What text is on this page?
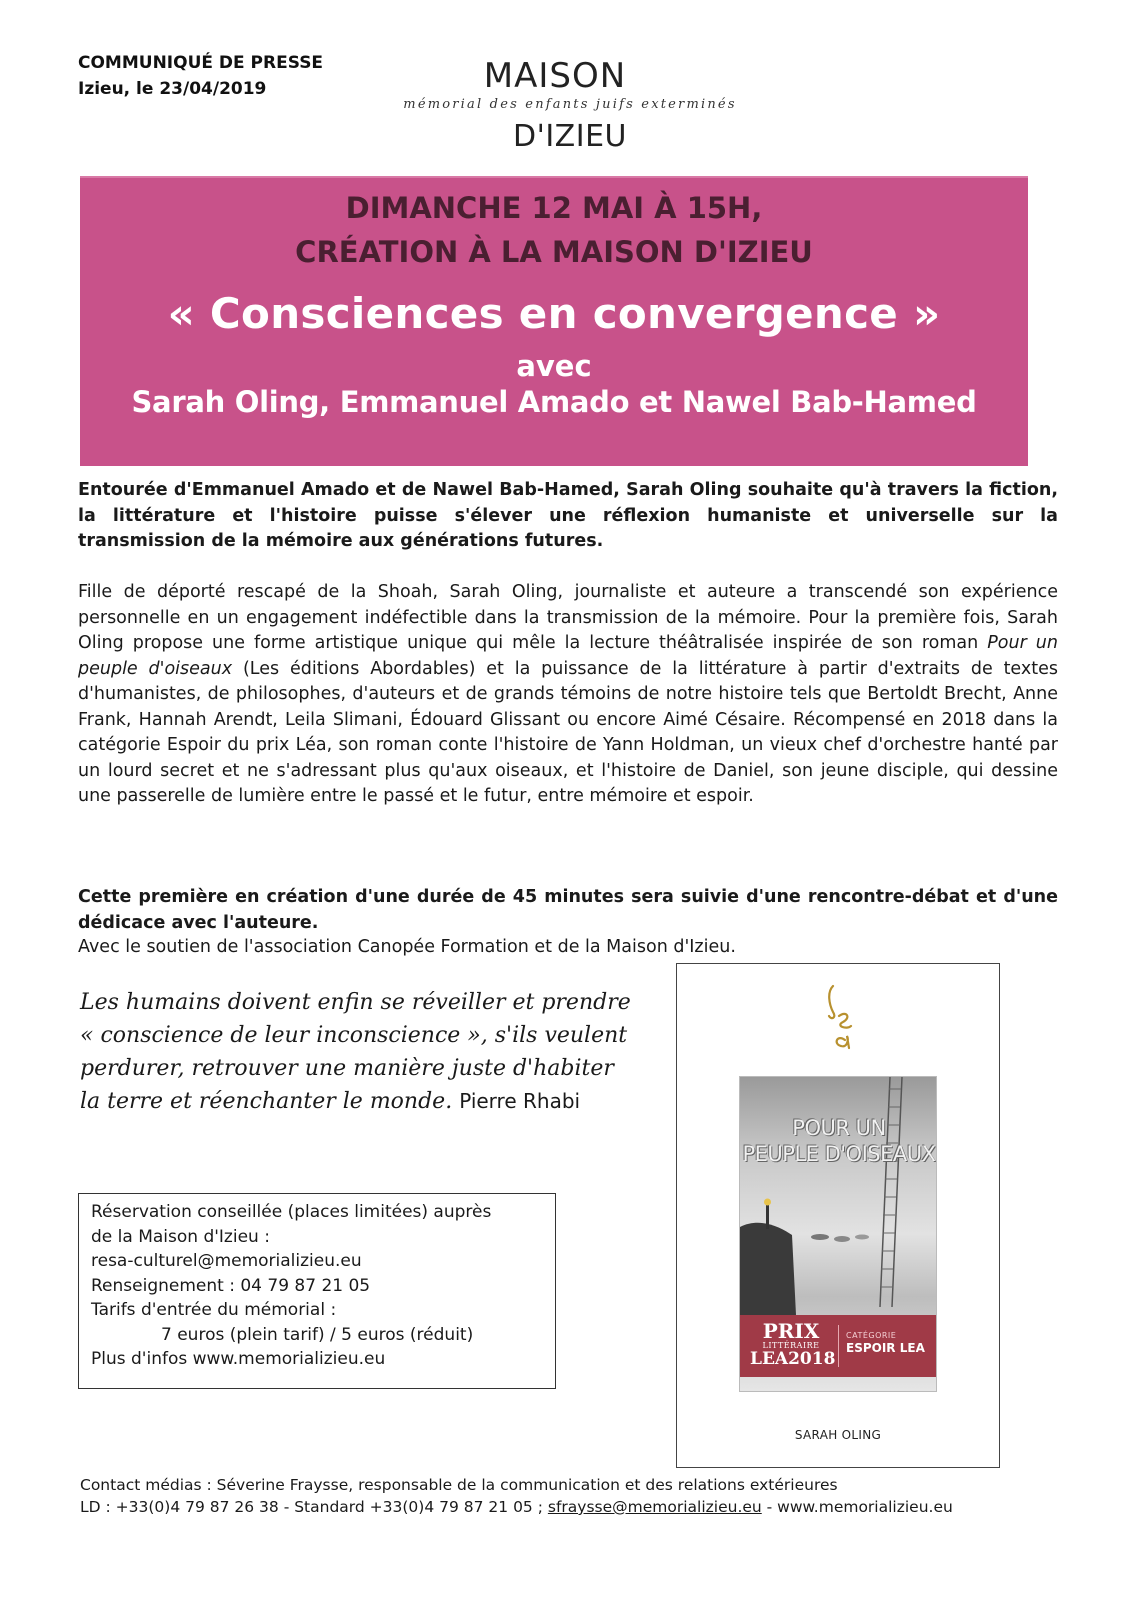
COMMUNIQUÉ DE PRESSE
Izieu, le 23/04/2019	MAISON
mémorial des enfants juifs exterminés
D'IZIEU
DIMANCHE 12 MAI À 15H,
CRÉATION À LA MAISON D'IZIEU
« Consciences en convergence »
avec
Sarah Oling, Emmanuel Amado et Nawel Bab-Hamed

Entourée d'Emmanuel Amado et de Nawel Bab-Hamed, Sarah Oling souhaite qu'à travers la fiction, la littérature et l'histoire puisse s'élever une réflexion humaniste et universelle sur la transmission de la mémoire aux générations futures.

Fille de déporté rescapé de la Shoah, Sarah Oling, journaliste et auteure a transcendé son expérience personnelle en un engagement indéfectible dans la transmission de la mémoire. Pour la première fois, Sarah Oling propose une forme artistique unique qui mêle la lecture théâtralisée inspirée de son roman Pour un peuple d'oiseaux (Les éditions Abordables) et la puissance de la littérature à partir d'extraits de textes d'humanistes, de philosophes, d'auteurs et de grands témoins de notre histoire tels que Bertoldt Brecht, Anne Frank, Hannah Arendt, Leila Slimani, Édouard Glissant ou encore Aimé Césaire. Récompensé en 2018 dans la catégorie Espoir du prix Léa, son roman conte l'histoire de Yann Holdman, un vieux chef d'orchestre hanté par un lourd secret et ne s'adressant plus qu'aux oiseaux, et l'histoire de Daniel, son jeune disciple, qui dessine une passerelle de lumière entre le passé et le futur, entre mémoire et espoir.

Cette première en création d'une durée de 45 minutes sera suivie d'une rencontre-débat et d'une dédicace avec l'auteure.

Avec le soutien de l'association Canopée Formation et de la Maison d'Izieu.

Les humains doivent enfin se réveiller et prendre « conscience de leur inconscience », s'ils veulent perdurer, retrouver une manière juste d'habiter la terre et réenchanter le monde. Pierre Rhabi
Réservation conseillée (places limitées) auprès
de la Maison d'Izieu :
resa-culturel@memorializieu.eu
Renseignement : 04 79 87 21 05
Tarifs d'entrée du mémorial :
7 euros (plein tarif) / 5 euros (réduit)
Plus d'infos www.memorializieu.eu
POUR UN
PEUPLE D'OISEAUX
PRIX
LITTÉRAIRE
LEA2018
CATÉGORIE
ESPOIR LEA
SARAH OLING
Contact médias : Séverine Fraysse, responsable de la communication et des relations extérieures
LD : +33(0)4 79 87 26 38 - Standard +33(0)4 79 87 21 05 ; sfraysse@memorializieu.eu - www.memorializieu.eu
